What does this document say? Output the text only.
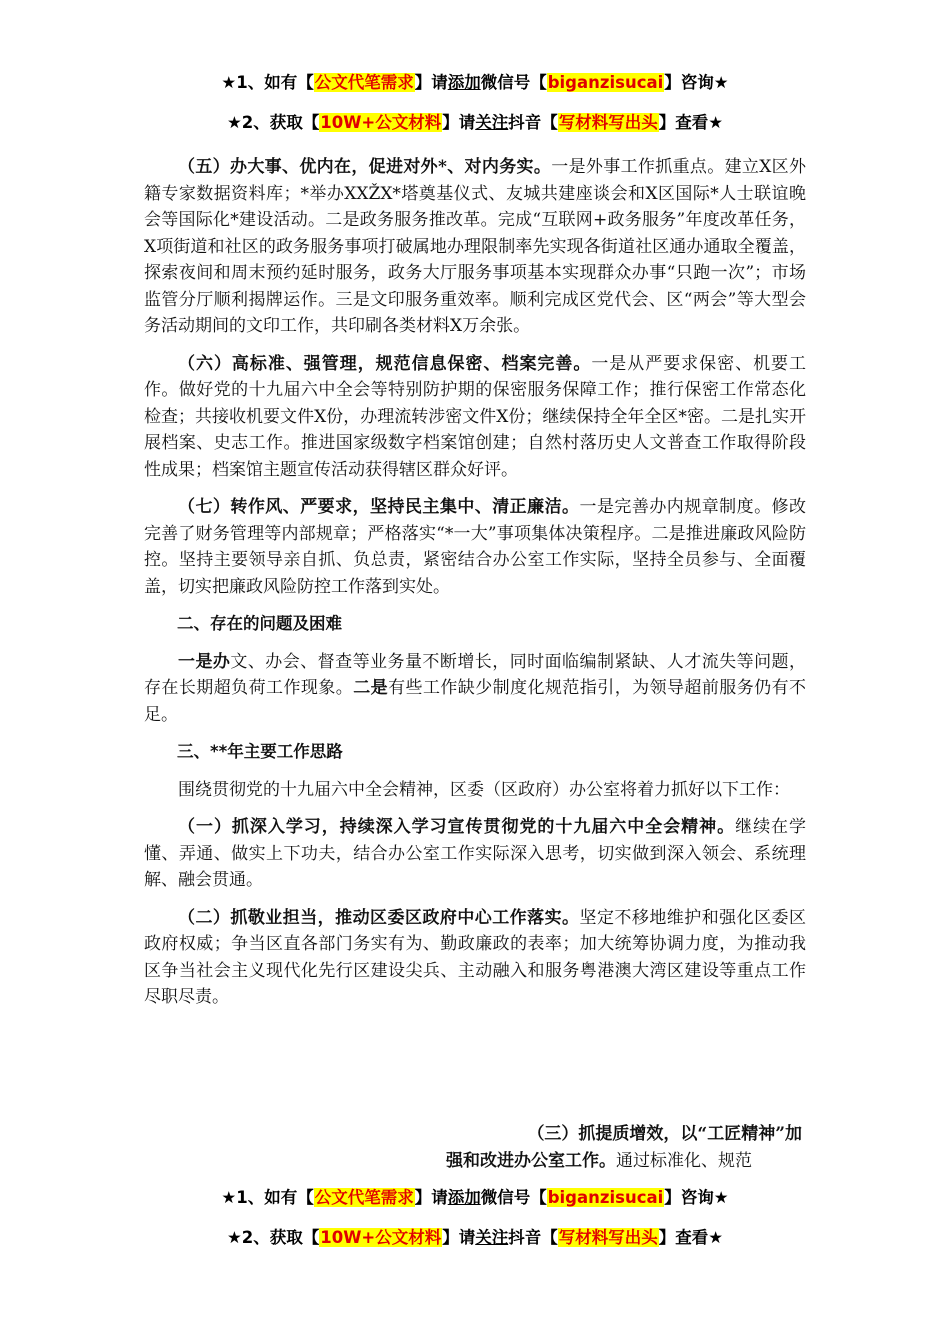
★1、如有【公文代笔需求】请添加微信号【biganzisucai】咨询★
★2、获取【10W+公文材料】请关注抖音【写材料写出头】查看★

（五）办大事、优内在，促进对外*、对内务实。一是外事工作抓重点。建立X区外籍专家数据资料库；*举办XXŽX*塔奠基仪式、友城共建座谈会和X区国际*人士联谊晚会等国际化*建设活动。二是政务服务推改革。完成“互联网+政务服务”年度改革任务，X项街道和社区的政务服务事项打破属地办理限制率先实现各街道社区通办通取全覆盖，探索夜间和周末预约延时服务，政务大厅服务事项基本实现群众办事“只跑一次”；市场监管分厅顺利揭牌运作。三是文印服务重效率。顺利完成区党代会、区“两会”等大型会务活动期间的文印工作，共印刷各类材料X万余张。

（六）高标准、强管理，规范信息保密、档案完善。一是从严要求保密、机要工作。做好党的十九届六中全会等特别防护期的保密服务保障工作；推行保密工作常态化检查；共接收机要文件X份，办理流转涉密文件X份；继续保持全年全区*密。二是扎实开展档案、史志工作。推进国家级数字档案馆创建；自然村落历史人文普查工作取得阶段性成果；档案馆主题宣传活动获得辖区群众好评。

（七）转作风、严要求，坚持民主集中、清正廉洁。一是完善办内规章制度。修改完善了财务管理等内部规章；严格落实“*一大”事项集体决策程序。二是推进廉政风险防控。坚持主要领导亲自抓、负总责，紧密结合办公室工作实际，坚持全员参与、全面覆盖，切实把廉政风险防控工作落到实处。

二、存在的问题及困难

一是办文、办会、督查等业务量不断增长，同时面临编制紧缺、人才流失等问题，存在长期超负荷工作现象。二是有些工作缺少制度化规范指引，为领导超前服务仍有不足。

三、**年主要工作思路

围绕贯彻党的十九届六中全会精神，区委（区政府）办公室将着力抓好以下工作：

（一）抓深入学习，持续深入学习宣传贯彻党的十九届六中全会精神。继续在学懂、弄通、做实上下功夫，结合办公室工作实际深入思考，切实做到深入领会、系统理解、融会贯通。

（二）抓敬业担当，推动区委区政府中心工作落实。坚定不移地维护和强化区委区政府权威；争当区直各部门务实有为、勤政廉政的表率；加大统筹协调力度，为推动我区争当社会主义现代化先行区建设尖兵、主动融入和服务粤港澳大湾区建设等重点工作尽职尽责。

（三）抓提质增效，以“工匠精神”加
强和改进办公室工作。通过标准化、规范
★1、如有【公文代笔需求】请添加微信号【biganzisucai】咨询★
★2、获取【10W+公文材料】请关注抖音【写材料写出头】查看★
